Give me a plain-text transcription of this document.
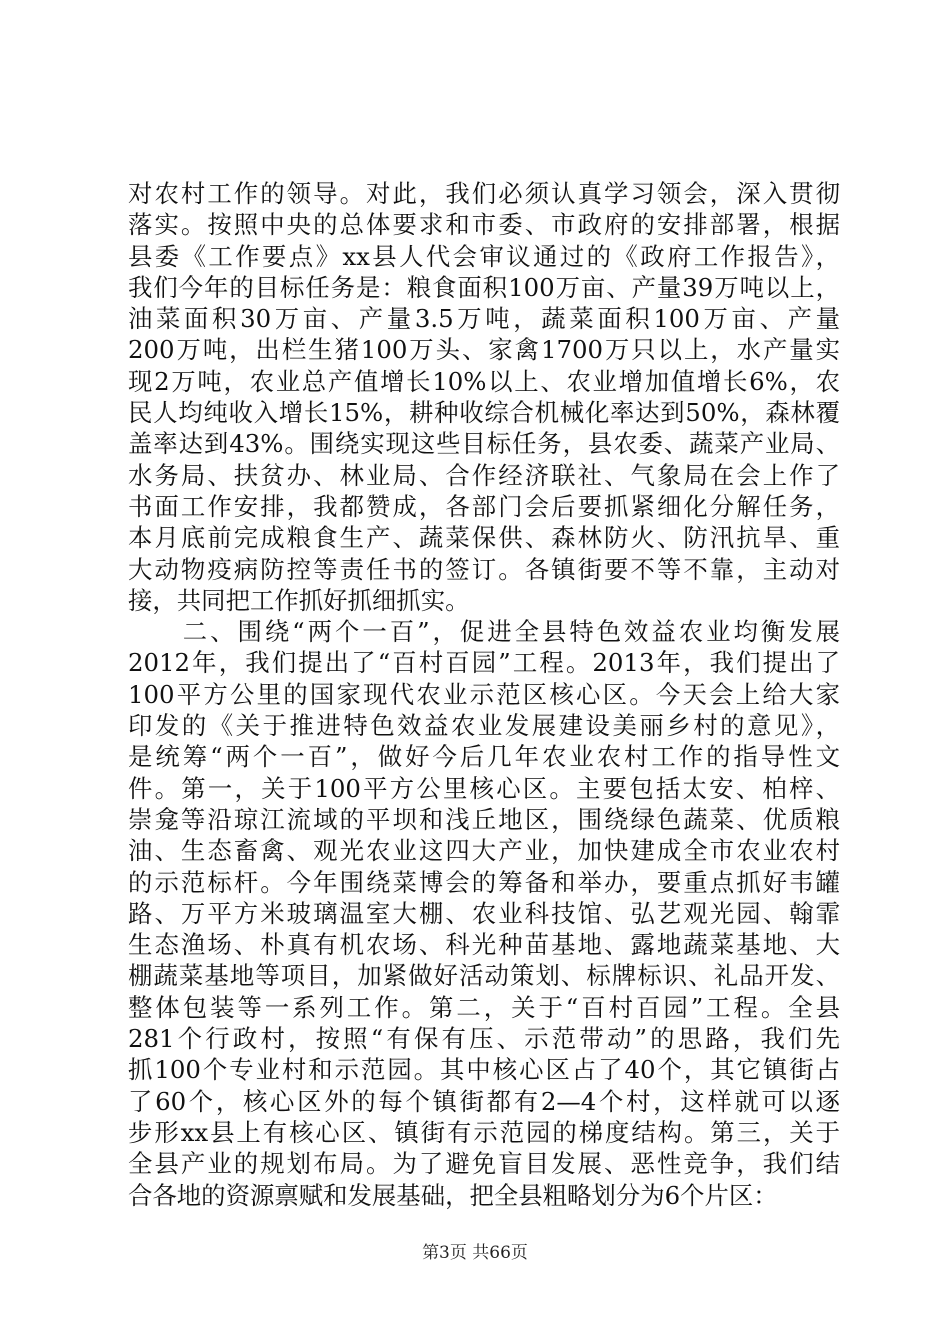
对农村工作的领导。对此，我们必须认真学习领会，深入贯彻
落实。按照中央的总体要求和市委、市政府的安排部署，根据
县委《工作要点》xx县人代会审议通过的《政府工作报告》，
我们今年的目标任务是：粮食面积100万亩、产量39万吨以上，
油菜面积30万亩、产量3.5万吨，蔬菜面积100万亩、产量
200万吨，出栏生猪100万头、家禽1700万只以上，水产量实
现2万吨，农业总产值增长10%以上、农业增加值增长6%，农
民人均纯收入增长15%，耕种收综合机械化率达到50%，森林覆
盖率达到43%。围绕实现这些目标任务，县农委、蔬菜产业局、
水务局、扶贫办、林业局、合作经济联社、气象局在会上作了
书面工作安排，我都赞成，各部门会后要抓紧细化分解任务，
本月底前完成粮食生产、蔬菜保供、森林防火、防汛抗旱、重
大动物疫病防控等责任书的签订。各镇街要不等不靠，主动对
接，共同把工作抓好抓细抓实。
　　二、围绕“两个一百”，促进全县特色效益农业均衡发展
2012年，我们提出了“百村百园”工程。2013年，我们提出了
100平方公里的国家现代农业示范区核心区。今天会上给大家
印发的《关于推进特色效益农业发展建设美丽乡村的意见》，
是统筹“两个一百”，做好今后几年农业农村工作的指导性文
件。第一，关于100平方公里核心区。主要包括太安、柏梓、
崇龛等沿琼江流域的平坝和浅丘地区，围绕绿色蔬菜、优质粮
油、生态畜禽、观光农业这四大产业，加快建成全市农业农村
的示范标杆。今年围绕菜博会的筹备和举办，要重点抓好韦罐
路、万平方米玻璃温室大棚、农业科技馆、弘艺观光园、翰霏
生态渔场、朴真有机农场、科光种苗基地、露地蔬菜基地、大
棚蔬菜基地等项目，加紧做好活动策划、标牌标识、礼品开发、
整体包装等一系列工作。第二，关于“百村百园”工程。全县
281个行政村，按照“有保有压、示范带动”的思路，我们先
抓100个专业村和示范园。其中核心区占了40个，其它镇街占
了60个，核心区外的每个镇街都有2—4个村，这样就可以逐
步形xx县上有核心区、镇街有示范园的梯度结构。第三，关于
全县产业的规划布局。为了避免盲目发展、恶性竞争，我们结
合各地的资源禀赋和发展基础，把全县粗略划分为6个片区：
第3页 共66页
